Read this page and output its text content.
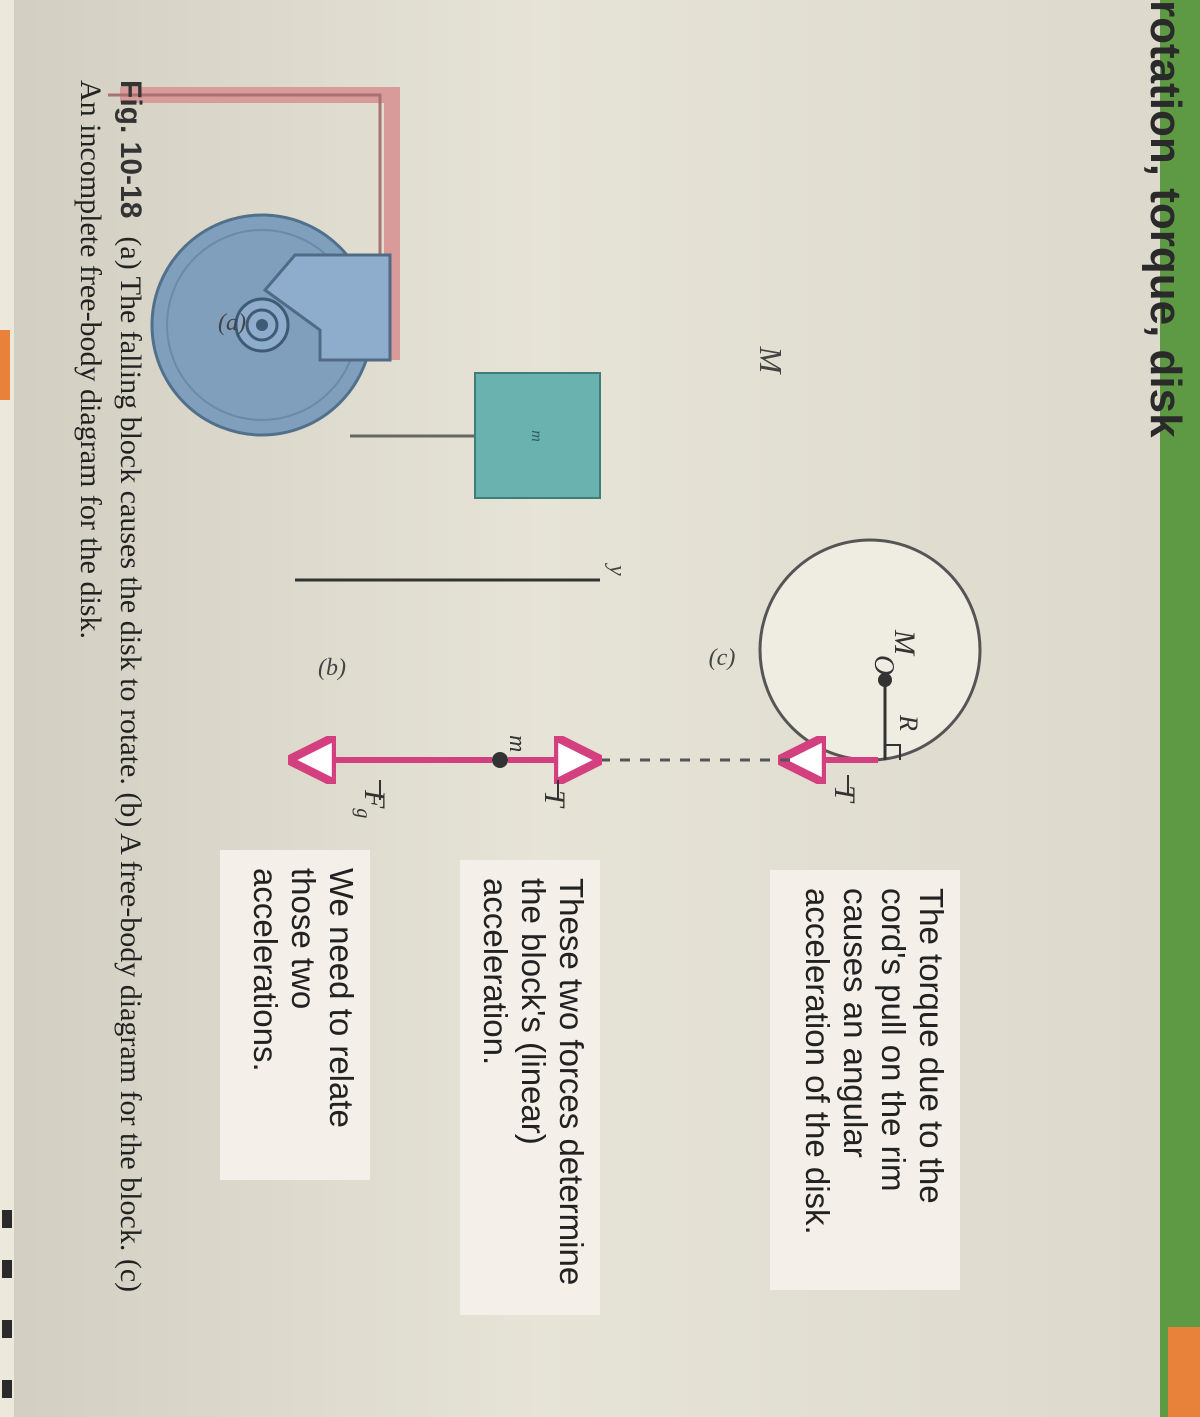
rotation, torque, disk
m
M
(a)
R
O
M
T
(c)
y
m
T
$F_g$
(b)
The torque due to the cord's pull on the rim causes an angular acceleration of the disk.
These two forces determine the block's (linear) acceleration.
We need to relate those two accelerations.
Fig. 10-18(a) The falling block causes the disk to rotate. (b) A free-body diagram for the block. (c) An incomplete free-body diagram for the disk.
